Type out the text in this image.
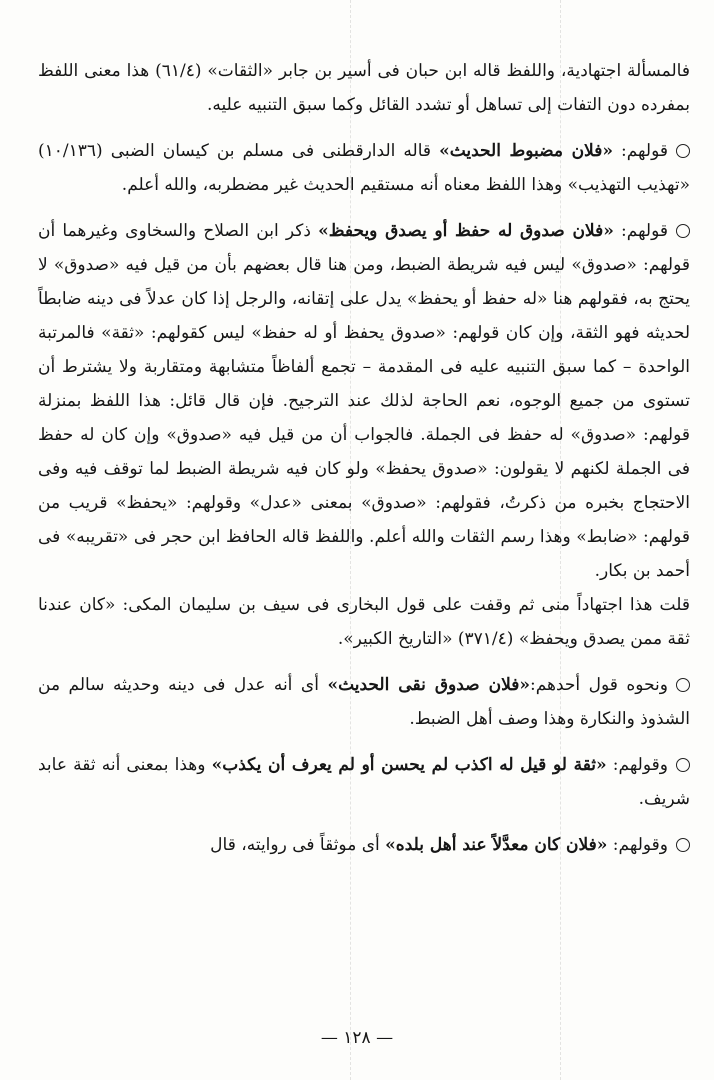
فالمسألة اجتهادية، واللفظ قاله ابن حبان فى أسير بن جابر «الثقات» (٦١/٤) هذا معنى اللفظ بمفرده دون التفات إلى تساهل أو تشدد القائل وكما سبق التنبيه عليه.

قولهم: «فلان مضبوط الحديث» قاله الدارقطنى فى مسلم بن كيسان الضبى (١٠/١٣٦) «تهذيب التهذيب» وهذا اللفظ معناه أنه مستقيم الحديث غير مضطربه، والله أعلم.

قولهم: «فلان صدوق له حفظ أو يصدق ويحفظ» ذكر ابن الصلاح والسخاوى وغيرهما أن قولهم: «صدوق» ليس فيه شريطة الضبط، ومن هنا قال بعضهم بأن من قيل فيه «صدوق» لا يحتج به، فقولهم هنا «له حفظ أو يحفظ» يدل على إتقانه، والرجل إذا كان عدلاً فى دينه ضابطاً لحديثه فهو الثقة، وإن كان قولهم: «صدوق يحفظ أو له حفظ» ليس كقولهم: «ثقة» فالمرتبة الواحدة – كما سبق التنبيه عليه فى المقدمة – تجمع ألفاظاً متشابهة ومتقاربة ولا يشترط أن تستوى من جميع الوجوه، نعم الحاجة لذلك عند الترجيح. فإن قال قائل: هذا اللفظ بمنزلة قولهم: «صدوق» له حفظ فى الجملة. فالجواب أن من قيل فيه «صدوق» وإن كان له حفظ فى الجملة لكنهم لا يقولون: «صدوق يحفظ» ولو كان فيه شريطة الضبط لما توقف فيه وفى الاحتجاج بخبره من ذكرتُ، فقولهم: «صدوق» بمعنى «عدل» وقولهم: «يحفظ» قريب من قولهم: «ضابط» وهذا رسم الثقات والله أعلم. واللفظ قاله الحافظ ابن حجر فى «تقريبه» فى أحمد بن بكار.
قلت هذا اجتهاداً منى ثم وقفت على قول البخارى فى سيف بن سليمان المكى: «كان عندنا ثقة ممن يصدق ويحفظ» (٣٧١/٤) «التاريخ الكبير».

ونحوه قول أحدهم:«فلان صدوق نقى الحديث» أى أنه عدل فى دينه وحديثه سالم من الشذوذ والنكارة وهذا وصف أهل الضبط.

وقولهم: «ثقة لو قيل له اكذب لم يحسن أو لم يعرف أن يكذب» وهذا بمعنى أنه ثقة عابد شريف.

وقولهم: «فلان كان معدَّلاً عند أهل بلده» أى موثقاً فى روايته، قال

— ١٢٨ —
